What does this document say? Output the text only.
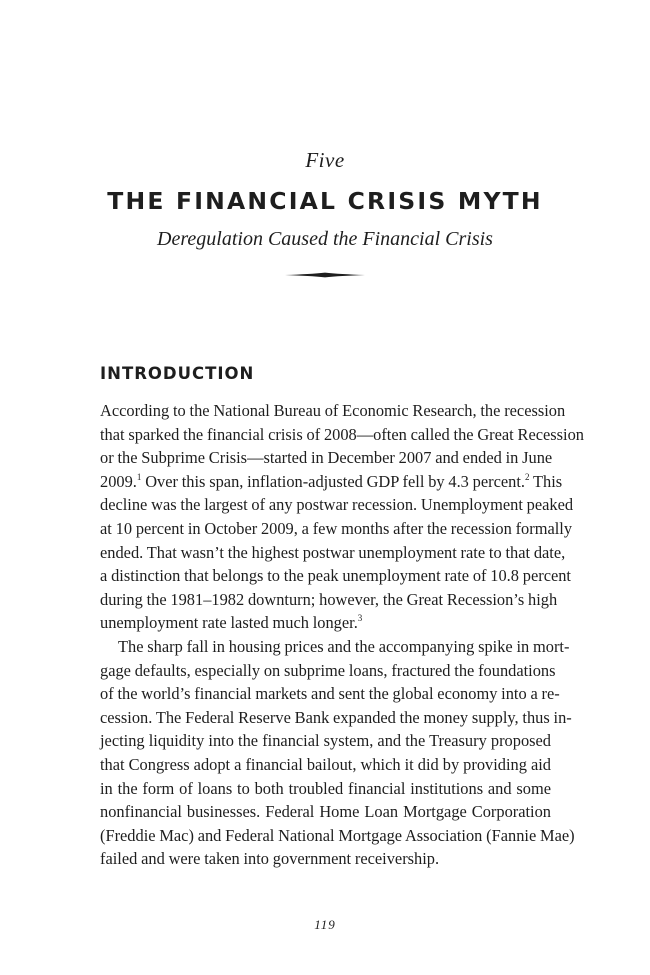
Five
THE FINANCIAL CRISIS MYTH
Deregulation Caused the Financial Crisis
INTRODUCTION
According to the National Bureau of Economic Research, the recession
that sparked the financial crisis of 2008—often called the Great Recession
or the Subprime Crisis—started in December 2007 and ended in June
2009.$^1$ Over this span, inflation-adjusted GDP fell by 4.3 percent.$^2$ This
decline was the largest of any postwar recession. Unemployment peaked
at 10 percent in October 2009, a few months after the recession formally
ended. That wasn’t the highest postwar unemployment rate to that date,
a distinction that belongs to the peak unemployment rate of 10.8 percent
during the 1981–1982 downturn; however, the Great Recession’s high
unemployment rate lasted much longer.$^3$
The sharp fall in housing prices and the accompanying spike in mort-
gage defaults, especially on subprime loans, fractured the foundations
of the world’s financial markets and sent the global economy into a re-
cession. The Federal Reserve Bank expanded the money supply, thus in-
jecting liquidity into the financial system, and the Treasury proposed
that Congress adopt a financial bailout, which it did by providing aid
in the form of loans to both troubled financial institutions and some
nonfinancial businesses. Federal Home Loan Mortgage Corporation
(Freddie Mac) and Federal National Mortgage Association (Fannie Mae)
failed and were taken into government receivership.
119
